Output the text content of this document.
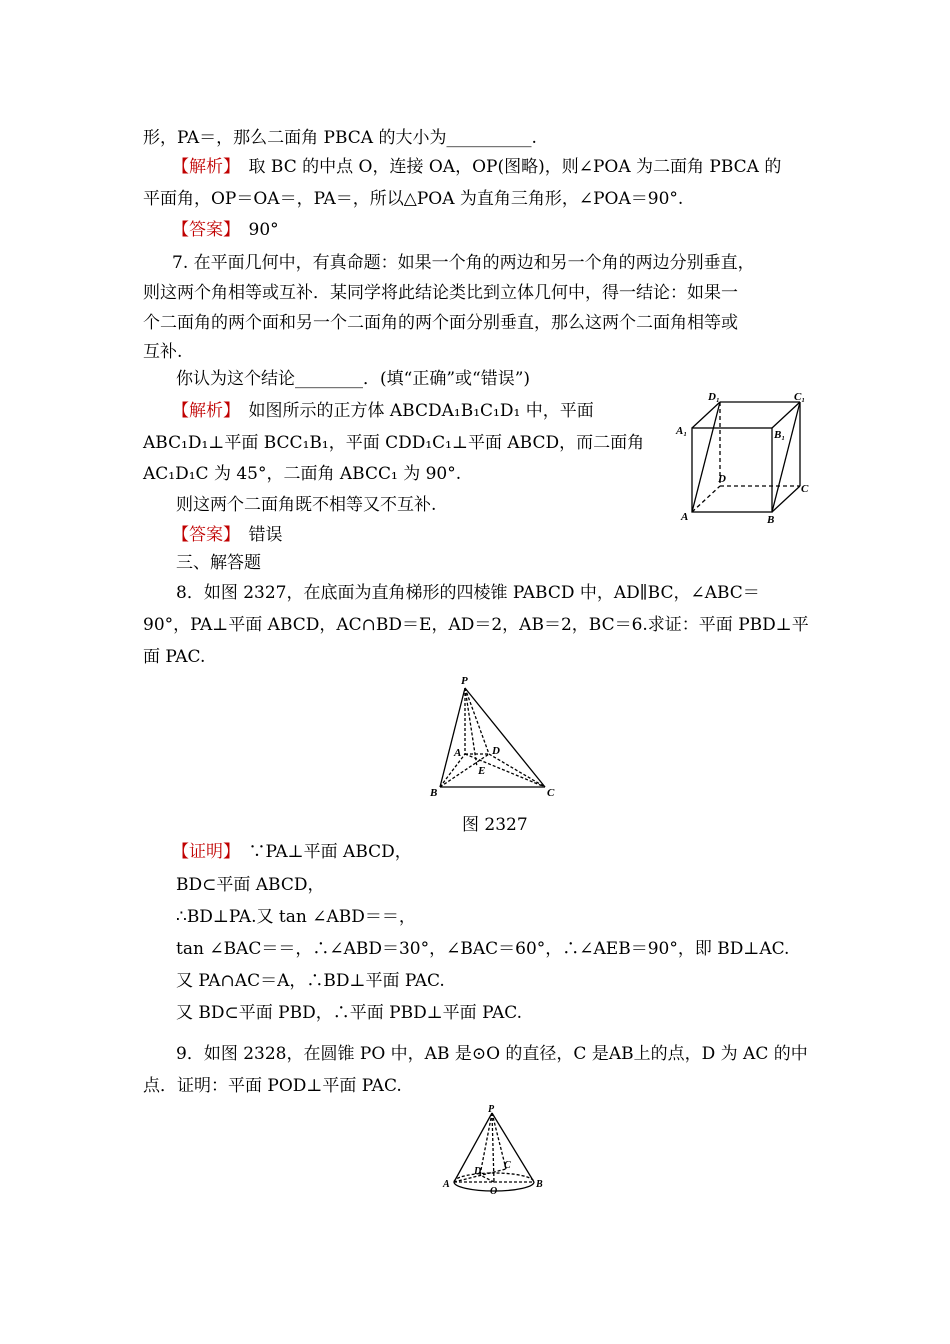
形，PA＝，那么二面角 PBCA 的大小为__________.
【解析】　取 BC 的中点 O，连接 OA，OP(图略)，则∠POA 为二面角 PBCA 的
平面角，OP＝OA＝，PA＝，所以△POA 为直角三角形，∠POA＝90°.
【答案】　90°
7. 在平面几何中，有真命题：如果一个角的两边和另一个角的两边分别垂直，
则这两个角相等或互补．某同学将此结论类比到立体几何中，得一结论：如果一
个二面角的两个面和另一个二面角的两个面分别垂直，那么这两个二面角相等或
互补.
你认为这个结论________．(填“正确”或“错误”)
【解析】　如图所示的正方体 ABCDA₁B₁C₁D₁ 中，平面
ABC₁D₁⊥平面 BCC₁B₁，平面 CDD₁C₁⊥平面 ABCD，而二面角
AC₁D₁C 为 45°，二面角 ABCC₁ 为 90°.
则这两个二面角既不相等又不互补.
【答案】　错误
三、解答题
8．如图 2327，在底面为直角梯形的四棱锥 PABCD 中，AD∥BC，∠ABC＝
90°，PA⊥平面 ABCD，AC∩BD＝E，AD＝2，AB＝2，BC＝6.求证：平面 PBD⊥平
面 PAC.
D₁	C₁
A₁	B₁
D
C
A	B
P
A	D
E
B	C
图 2327
【证明】　∵PA⊥平面 ABCD，
BD⊂平面 ABCD，
∴BD⊥PA.又 tan ∠ABD＝＝，
tan ∠BAC＝＝，∴∠ABD＝30°，∠BAC＝60°，∴∠AEB＝90°，即 BD⊥AC.
又 PA∩AC＝A，∴BD⊥平面 PAC.
又 BD⊂平面 PBD，∴平面 PBD⊥平面 PAC.
9．如图 2328，在圆锥 PO 中，AB 是⊙O 的直径，C 是AB上的点，D 为 AC 的中
点．证明：平面 POD⊥平面 PAC.
P
A	B
C
D
O
